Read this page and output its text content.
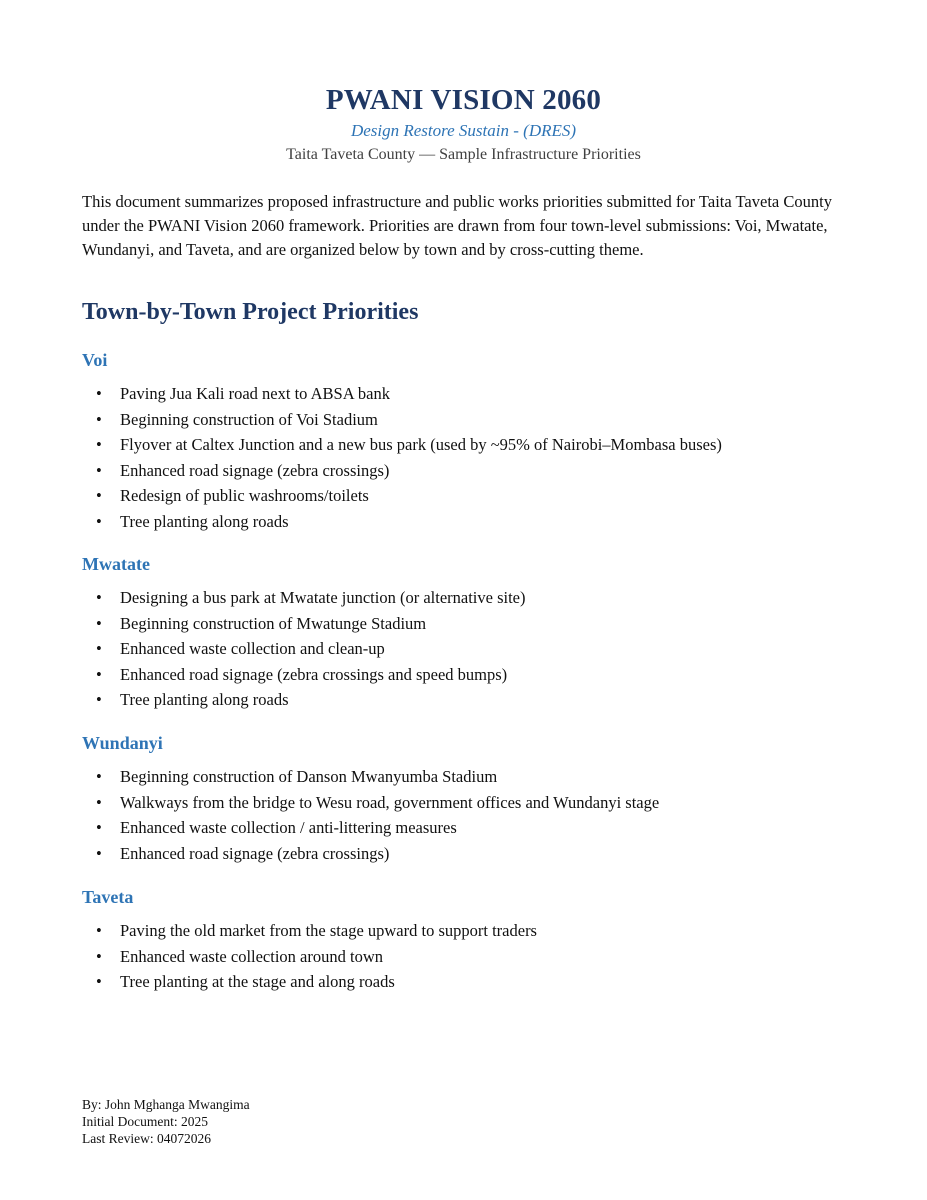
PWANI VISION 2060
Design Restore Sustain - (DRES)
Taita Taveta County — Sample Infrastructure Priorities

This document summarizes proposed infrastructure and public works priorities submitted for Taita Taveta County under the PWANI Vision 2060 framework. Priorities are drawn from four town-level submissions: Voi, Mwatate, Wundanyi, and Taveta, and are organized below by town and by cross-cutting theme.

Town-by-Town Project Priorities
Voi
• Paving Jua Kali road next to ABSA bank
• Beginning construction of Voi Stadium
• Flyover at Caltex Junction and a new bus park (used by ~95% of Nairobi–Mombasa buses)
• Enhanced road signage (zebra crossings)
• Redesign of public washrooms/toilets
• Tree planting along roads
Mwatate
• Designing a bus park at Mwatate junction (or alternative site)
• Beginning construction of Mwatunge Stadium
• Enhanced waste collection and clean-up
• Enhanced road signage (zebra crossings and speed bumps)
• Tree planting along roads
Wundanyi
• Beginning construction of Danson Mwanyumba Stadium
• Walkways from the bridge to Wesu road, government offices and Wundanyi stage
• Enhanced waste collection / anti-littering measures
• Enhanced road signage (zebra crossings)
Taveta
• Paving the old market from the stage upward to support traders
• Enhanced waste collection around town
• Tree planting at the stage and along roads
By: John Mghanga Mwangima
Initial Document: 2025
Last Review: 04072026
